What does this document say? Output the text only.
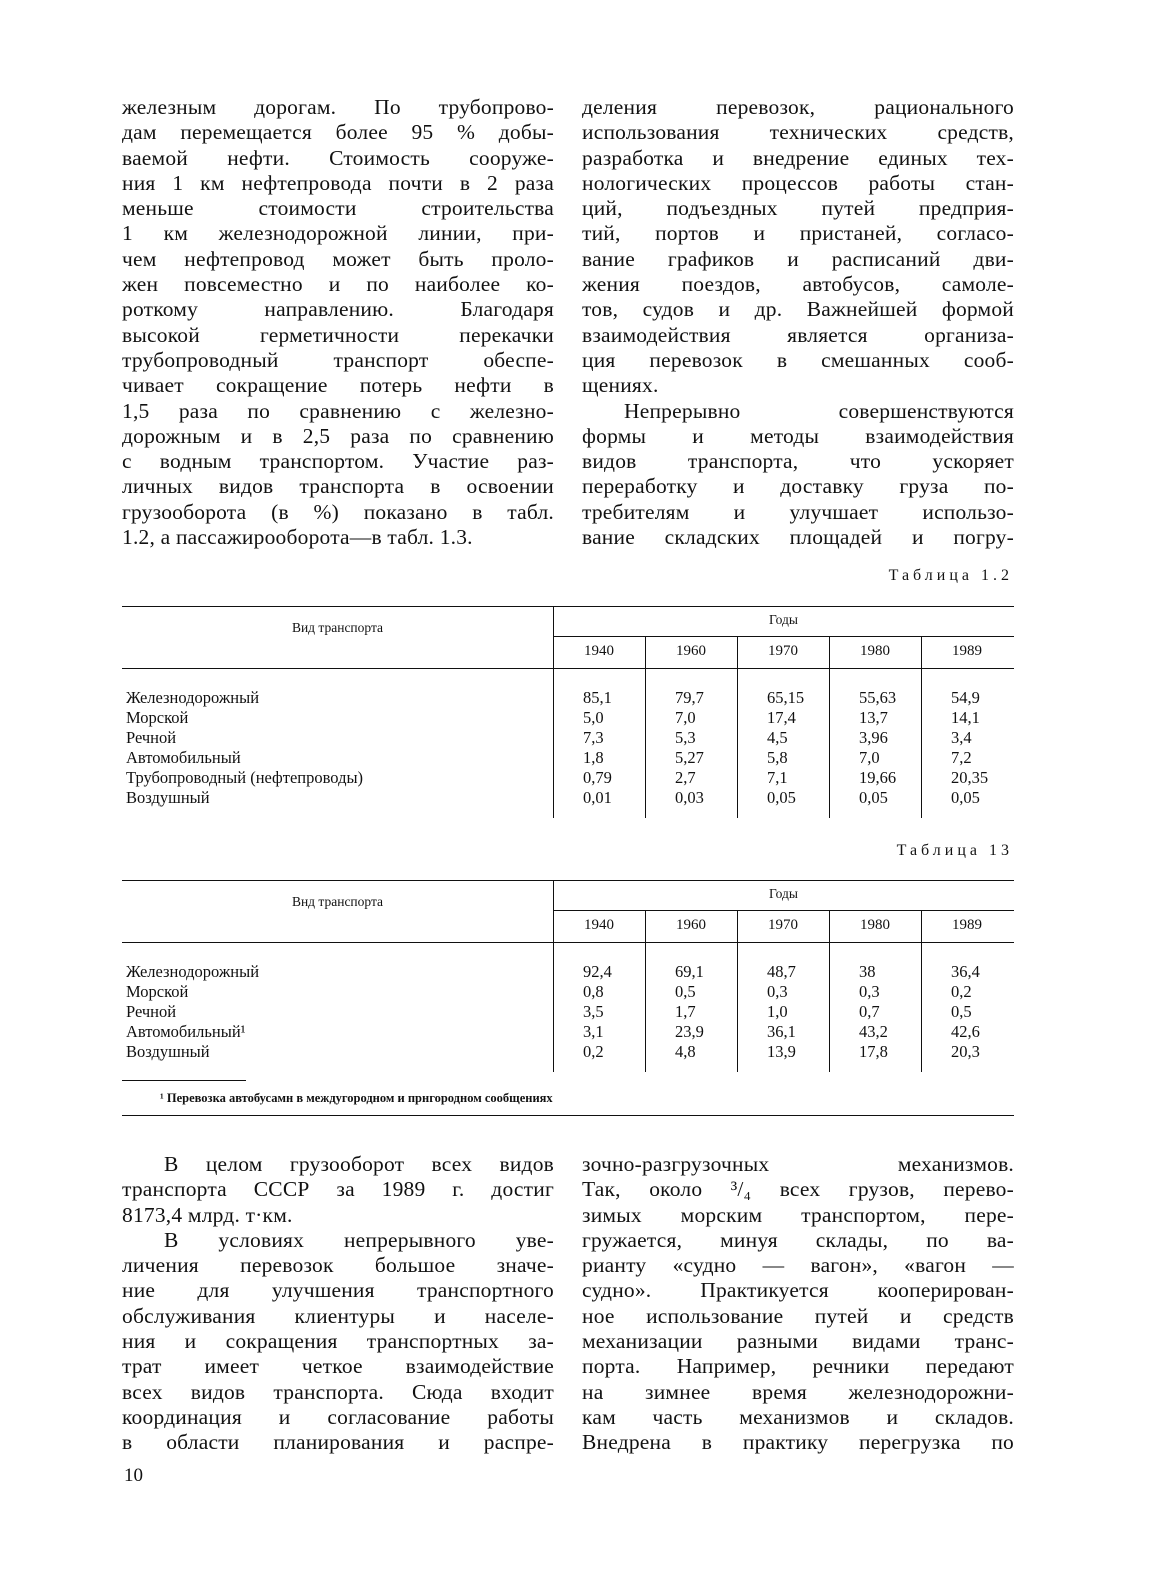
железным дорогам. По трубопрово-
дам перемещается более 95 % добы-
ваемой нефти. Стоимость сооруже-
ния 1 км нефтепровода почти в 2 раза
меньше стоимости строительства
1 км железнодорожной линии, при-
чем нефтепровод может быть проло-
жен повсеместно и по наиболее ко-
роткому направлению. Благодаря
высокой герметичности перекачки
трубопроводный транспорт обеспе-
чивает сокращение потерь нефти в
1,5 раза по сравнению с железно-
дорожным и в 2,5 раза по сравнению
с водным транспортом. Участие раз-
личных видов транспорта в освоении
грузооборота (в %) показано в табл.
1.2, а пассажирооборота—в табл. 1.3.
деления перевозок, рационального
использования технических средств,
разработка и внедрение единых тех-
нологических процессов работы стан-
ций, подъездных путей предприя-
тий, портов и пристаней, согласо-
вание графиков и расписаний дви-
жения поездов, автобусов, самоле-
тов, судов и др. Важнейшей формой
взаимодействия является организа-
ция перевозок в смешанных сооб-
щениях.
Непрерывно совершенствуются
формы и методы взаимодействия
видов транспорта, что ускоряет
переработку и доставку груза по-
требителям и улучшает использо-
вание складских площадей и погру-
Таблица 1.2
Вид транспорта
Годы
1940	1960	1970	1980	1989
Железнодорожный	85,1	79,7	65,15	55,63	54,9
Морской	5,0	7,0	17,4	13,7	14,1
Речной	7,3	5,3	4,5	3,96	3,4
Автомобильный	1,8	5,27	5,8	7,0	7,2
Трубопроводный (нефтепроводы)	0,79	2,7	7,1	19,66	20,35
Воздушный	0,01	0,03	0,05	0,05	0,05
Таблица 13
Внд транспорта
Годы
1940	1960	1970	1980	1989
Железнодорожный	92,4	69,1	48,7	38	36,4
Морской	0,8	0,5	0,3	0,3	0,2
Речной	3,5	1,7	1,0	0,7	0,5
Автомобильный¹	3,1	23,9	36,1	43,2	42,6
Воздушный	0,2	4,8	13,9	17,8	20,3
¹ Перевозка автобусамн в междугородном и прнгородном сообщениях
В целом грузооборот всех видов
транспорта СССР за 1989 г. достиг
8173,4 млрд. т·км.
В условиях непрерывного уве-
личения перевозок большое значе-
ние для улучшения транспортного
обслуживания клиентуры и населе-
ния и сокращения транспортных за-
трат имеет четкое взаимодействие
всех видов транспорта. Сюда входит
координация и согласование работы
в области планирования и распре-
зочно-разгрузочных механизмов.
Так, около ³/₄ всех грузов, перево-
зимых морским транспортом, пере-
гружается, минуя склады, по ва-
рианту «судно — вагон», «вагон —
судно». Практикуется кооперирован-
ное использование путей и средств
механизации разными видами транс-
порта. Например, речники передают
на зимнее время железнодорожни-
кам часть механизмов и складов.
Внедрена в практику перегрузка по
10
